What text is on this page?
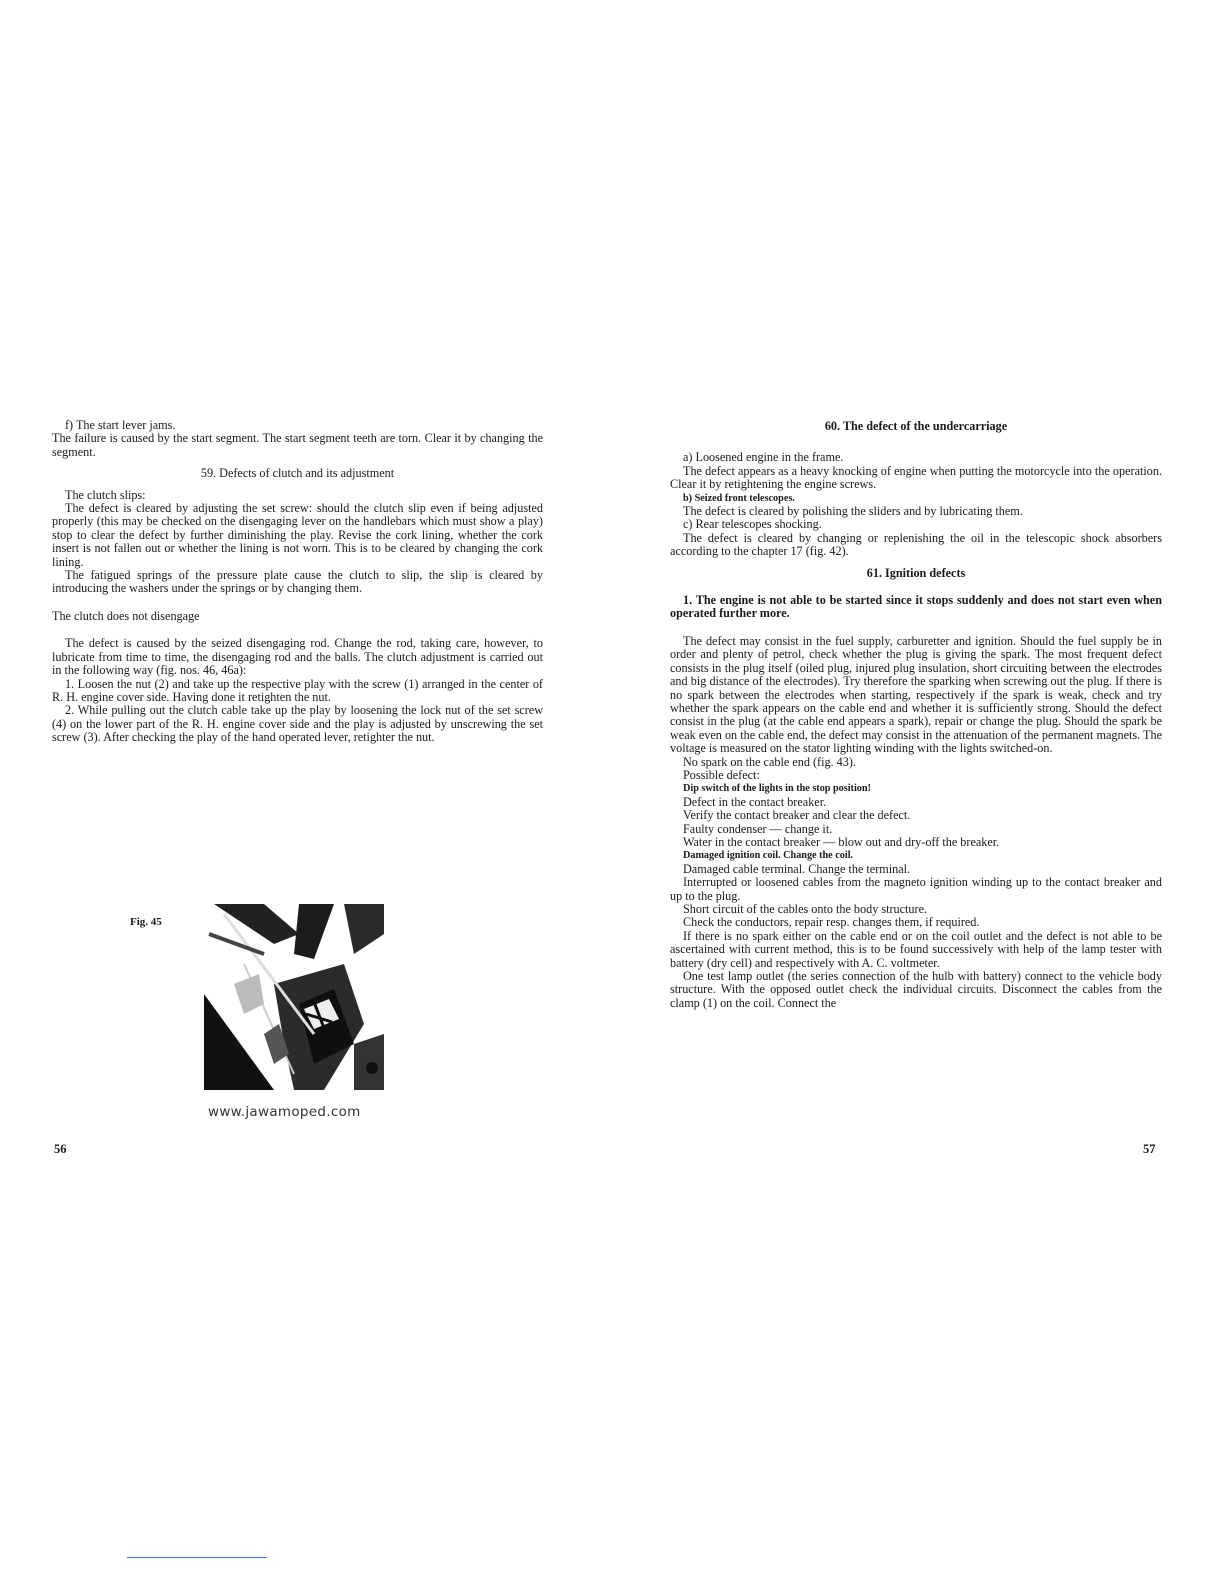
f) The start lever jams.

The failure is caused by the start segment. The start segment teeth are torn. Clear it by changing the segment.

59. Defects of clutch and its adjustment

The clutch slips:

The defect is cleared by adjusting the set screw: should the clutch slip even if being adjusted properly (this may be checked on the disengaging lever on the handlebars which must show a play) stop to clear the defect by further diminishing the play. Revise the cork lining, whether the cork insert is not fallen out or whether the lining is not worn. This is to be cleared by changing the cork lining.

The fatigued springs of the pressure plate cause the clutch to slip, the slip is cleared by introducing the washers under the springs or by changing them.

The clutch does not disengage

The defect is caused by the seized disengaging rod. Change the rod, taking care, however, to lubricate from time to time, the disengaging rod and the balls. The clutch adjustment is carried out in the following way (fig. nos. 46, 46a):

1. Loosen the nut (2) and take up the respective play with the screw (1) arranged in the center of R. H. engine cover side. Having done it retighten the nut.

2. While pulling out the clutch cable take up the play by loosening the lock nut of the set screw (4) on the lower part of the R. H. engine cover side and the play is adjusted by unscrewing the set screw (3). After checking the play of the hand operated lever, retighter the nut.

Fig. 45
www.jawamoped.com
56

60. The defect of the undercarriage

a) Loosened engine in the frame.

The defect appears as a heavy knocking of engine when putting the motorcycle into the operation. Clear it by retightening the engine screws.

b) Seized front telescopes.

The defect is cleared by polishing the sliders and by lubricating them.

c) Rear telescopes shocking.

The defect is cleared by changing or replenishing the oil in the telescopic shock absorbers according to the chapter 17 (fig. 42).

61. Ignition defects

1. The engine is not able to be started since it stops suddenly and does not start even when operated further more.

The defect may consist in the fuel supply, carburetter and ignition. Should the fuel supply be in order and plenty of petrol, check whether the plug is giving the spark. The most frequent defect consists in the plug itself (oiled plug, injured plug insulation, short circuiting between the electrodes and big distance of the electrodes). Try therefore the sparking when screwing out the plug. If there is no spark between the electrodes when starting, respectively if the spark is weak, check and try whether the spark appears on the cable end and whether it is sufficiently strong. Should the defect consist in the plug (at the cable end appears a spark), repair or change the plug. Should the spark be weak even on the cable end, the defect may consist in the attenuation of the permanent magnets. The voltage is measured on the stator lighting winding with the lights switched-on.

No spark on the cable end (fig. 43).

Possible defect:

Dip switch of the lights in the stop position!

Defect in the contact breaker.

Verify the contact breaker and clear the defect.

Faulty condenser — change it.

Water in the contact breaker — blow out and dry-off the breaker.

Damaged ignition coil. Change the coil.

Damaged cable terminal. Change the terminal.

Interrupted or loosened cables from the magneto ignition winding up to the contact breaker and up to the plug.

Short circuit of the cables onto the body structure.

Check the conductors, repair resp. changes them, if required.

If there is no spark either on the cable end or on the coil outlet and the defect is not able to be ascertained with current method, this is to be found successively with help of the lamp tester with battery (dry cell) and respectively with A. C. voltmeter.

One test lamp outlet (the series connection of the hulb with battery) connect to the vehicle body structure. With the opposed outlet check the individual circuits. Disconnect the cables from the clamp (1) on the coil. Connect the

57
